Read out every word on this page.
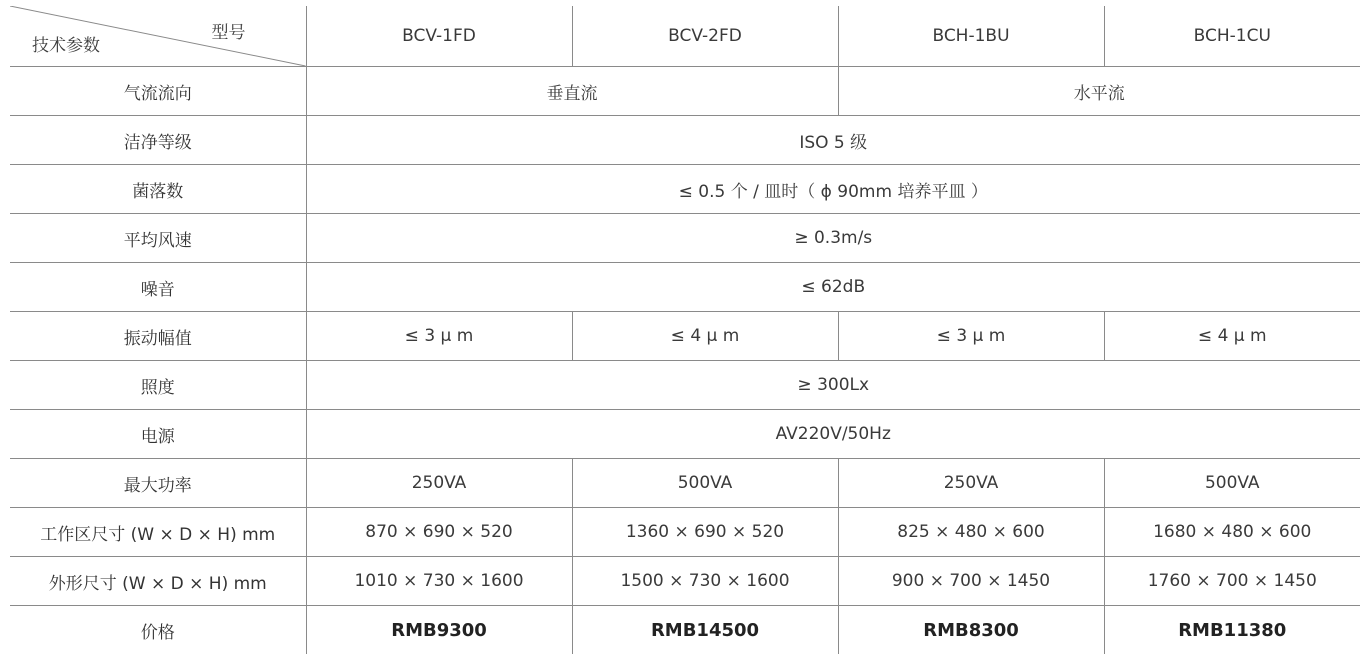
型号
技术参数	BCV-1FD	BCV-2FD	BCH-1BU	BCH-1CU
气流流向	垂直流		水平流	
洁净等级	ISO 5 级			
菌落数	≤ 0.5 个 / 皿时（ ϕ 90mm 培养平皿 ）			
平均风速	≥ 0.3m/s			
噪音	≤ 62dB			
振动幅值	≤ 3 μ m	≤ 4 μ m	≤ 3 μ m	≤ 4 μ m
照度	≥ 300Lx			
电源	AV220V/50Hz			
最大功率	250VA	500VA	250VA	500VA
工作区尺寸 (W × D × H) mm	870 × 690 × 520	1360 × 690 × 520	825 × 480 × 600	1680 × 480 × 600
外形尺寸 (W × D × H) mm	1010 × 730 × 1600	1500 × 730 × 1600	900 × 700 × 1450	1760 × 700 × 1450
价格	RMB9300	RMB14500	RMB8300	RMB11380
